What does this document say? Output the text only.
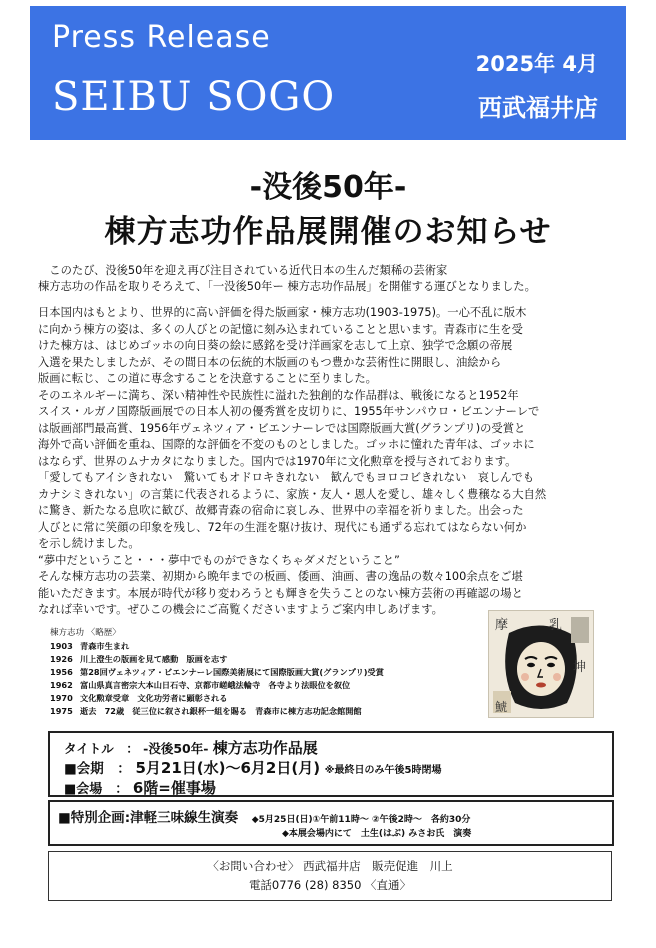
Press Release
SEIBU SOGO
2025年 4月
西武福井店
-没後50年-
棟方志功作品展開催のお知らせ
　このたび、没後50年を迎え再び注目されている近代日本の生んだ類稀の芸術家
棟方志功の作品を取りそろえて、「一没後50年ー 棟方志功作品展」を開催する運びとなりました。

日本国内はもとより、世界的に高い評価を得た版画家・棟方志功(1903‐1975)。一心不乱に版木

に向かう棟方の姿は、多くの人びとの記憶に刻み込まれていることと思います。青森市に生を受

けた棟方は、はじめゴッホの向日葵の絵に感銘を受け洋画家を志して上京、独学で念願の帝展

入選を果たしましたが、その間日本の伝統的木版画のもつ豊かな芸術性に開眼し、油絵から

版画に転じ、この道に専念することを決意することに至りました。

そのエネルギーに満ち、深い精神性や民族性に溢れた独創的な作品群は、戦後になると1952年

スイス・ルガノ国際版画展での日本人初の優秀賞を皮切りに、1955年サンパウロ・ビエンナーレで

は版画部門最高賞、1956年ヴェネツィア・ビエンナーレでは国際版画大賞(グランプリ)の受賞と

海外で高い評価を重ね、国際的な評価を不変のものとしました。ゴッホに憧れた青年は、ゴッホに

はならず、世界のムナカタになりました。国内では1970年に文化勲章を授与されております。

「愛してもアイシきれない　驚いてもオドロキきれない　歓んでもヨロコビきれない　哀しんでも

カナシミきれない」の言葉に代表されるように、家族・友人・恩人を愛し、雄々しく豊穣なる大自然

に驚き、新たなる息吹に歓び、故郷青森の宿命に哀しみ、世界中の幸福を祈りました。出会った

人びとに常に笑顔の印象を残し、72年の生涯を駆け抜け、現代にも通ずる忘れてはならない何か

を示し続けました。

“夢中だということ・・・夢中でものができなくちゃダメだということ”

そんな棟方志功の芸業、初期から晩年までの板画、倭画、油画、書の逸品の数々100余点をご堪

能いただきます。本展が時代が移り変わろうとも輝きを失うことのない棟方芸術の再確認の場と

なれば幸いです。ぜひこの機会にご高覧くださいますようご案内申しあげます。

棟方志功 〈略歴〉
1903 青森市生まれ
1926 川上澄生の版画を見て感動　版画を志す
1956 第28回ヴェネツィア・ビエンナーレ国際美術展にて国際版画大賞(グランプリ)受賞
1962 富山県真言密宗大本山日石寺、京都市嵯峨法輪寺　各寺より法眼位を叙位
1970 文化勲章受章　文化功労者に顕彰される
1975 逝去　72歳　従三位に叙され銀杯一組を賜る　青森市に棟方志功記念館開館
摩	乳
坤
鯱
タイトル　： -没後50年- 棟方志功作品展
■会期　： 5月21日(水)～6月2日(月) ※最終日のみ午後5時閉場
■会場　： 6階=催事場
■特別企画:津軽三味線生演奏 ◆5月25日(日)①午前11時～ ②午後2時～　各約30分
◆本展会場内にて　土生(はぶ) みさお氏　演奏
〈お問い合わせ〉 西武福井店　販売促進　川上
電話0776 (28) 8350 〈直通〉
